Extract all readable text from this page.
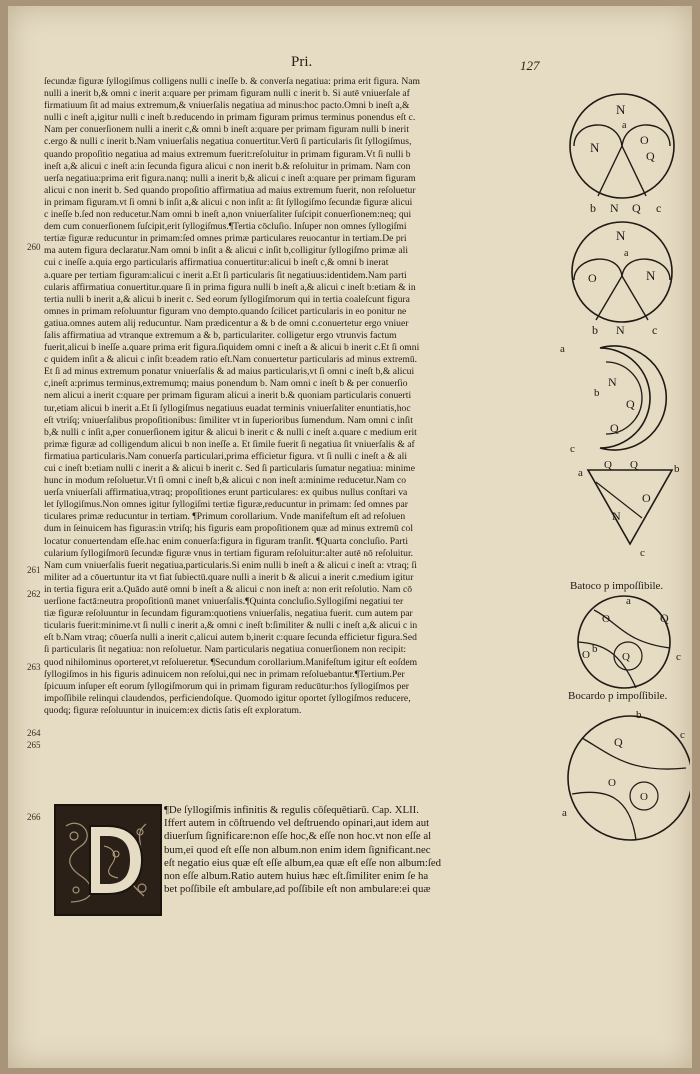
Pri.	127
ſecundæ figuræ ſyllogiſmus colligens nulli c ineſſe b. & converſa negatiua: prima erit figura. Nam
nulli a inerit b,& omni c inerit a:quare per primam figuram nulli c inerit b. Si autē vniuerſale af
firmatiuum ſit ad maius extremum,& vniuerſalis negatiua ad minus:hoc pacto.Omni b ineſt a,&
nulli c ineſt a,igitur nulli c ineſt b.reducendo in primam figuram primus terminus ponendus eſt c.
Nam per conuerſionem nulli a inerit c,& omni b ineſt a:quare per primam figuram nulli b inerit
c.ergo & nulli c inerit b.Nam vniuerſalis negatiua conuertitur.Verū ſi particularis ſit ſyllogiſmus,
quando propoſitio negatiua ad maius extremum fuerit:reſoluitur in primam figuram.Vt ſi nulli b
ineſt a,& alicui c ineſt a:in ſecunda figura alicui c non inerit b.& reſoluitur in primam. Nam con
uerſa negatiua:prima erit figura.nanq; nulli a inerit b,& alicui c ineſt a:quare per primam figuram
alicui c non inerit b. Sed quando propoſitio affirmatiua ad maius extremum fuerit, non reſoluetur
in primam figuram.vt ſi omni b inſit a,& alicui c non inſit a: ſit ſyllogiſmo ſecundæ figuræ alicui
c ineſſe b.ſed non reducetur.Nam omni b ineſt a,non vniuerſaliter ſuſcipit conuerſionem:neq; qui
dem cum conuerſionem ſuſcipit,erit ſyllogiſmus.¶Tertia cōcluſio. Inſuper non omnes ſyllogiſmi
tertiæ figuræ reducuntur in primam:ſed omnes primæ particulares reuocantur in tertiam.De pri
ma autem figura declaratur.Nam omni b inſit a & alicui c inſit b,colligitur ſyllogiſmo primæ ali
cui c ineſſe a.quia ergo particularis affirmatiua conuertitur:alicui b ineſt c,& omni b inerat
a.quare per tertiam figuram:alicui c inerit a.Et ſi particularis ſit negatiuus:identidem.Nam parti
cularis affirmatiua conuertitur.quare ſi in prima figura nulli b ineſt a,& alicui c ineſt b:etiam & in
tertia nulli b inerit a,& alicui b inerit c. Sed eorum ſyllogiſmorum qui in tertia coaleſcunt figura
omnes in primam reſoluuntur figuram vno dempto.quando ſcilicet particularis in eo ponitur ne
gatiua.omnes autem alij reducuntur. Nam prædicentur a & b de omni c.conuertetur ergo vniuer
ſalis affirmatiua ad vtranque extremum a & b, particulariter. colligetur ergo vtrunvis factum
fuerit,alicui b ineſſe a.quare prima erit figura.ſiquidem omni c ineſt a & alicui b inerit c.Et ſi omni
c quidem inſit a & alicui c inſit b:eadem ratio eſt.Nam conuertetur particularis ad minus extremū.
Et ſi ad minus extremum ponatur vniuerſalis & ad maius particularis,vt ſi omni c ineſt b,& alicui
c,ineſt a:primus terminus,extremumq; maius ponendum b. Nam omni c ineſt b & per conuerſio
nem alicui a inerit c:quare per primam figuram alicui a inerit b.& quoniam particularis conuerti
tur,etiam alicui b inerit a.Et ſi ſyllogiſmus negatiuus euadat terminis vniuerſaliter enuntiatis,hoc
eſt vtriſq; vniuerſalibus propoſitionibus: ſimiliter vt in ſuperioribus ſumendum. Nam omni c inſit
b,& nulli c inſit a,per conuerſionem igitur & alicui b inerit c & nulli c ineſt a.quare c medium erit
primæ figuræ ad colligendum alicui b non ineſſe a. Et ſimile fuerit ſi negatiua ſit vniuerſalis & af
firmatiua particularis.Nam conuerſa particulari,prima efficietur figura. vt ſi nulli c ineſt a & ali
cui c ineſt b:etiam nulli c inerit a & alicui b inerit c. Sed ſi particularis ſumatur negatiua: minime
hunc in modum reſoluetur.Vt ſi omni c ineſt b,& alicui c non ineſt a:minime reducetur.Nam co
uerſa vniuerſali affirmatiua,vtraq; propoſitiones erunt particulares: ex quibus nullus conſtari va
let ſyllogiſmus.Non omnes igitur ſyllogiſmi tertiæ figuræ,reducuntur in primam: ſed omnes par
ticulares primæ reducuntur in tertiam. ¶Primum corollarium. Vnde manifeſtum eſt ad reſoluen
dum in ſeinuicem has figuras:in vtriſq; his figuris eam propoſitionem quæ ad minus extremū col
locatur conuertendam eſſe.hac enim conuerſa:figura in figuram tranſit. ¶Quarta concluſio. Parti
cularium ſyllogiſmorū ſecundæ figuræ vnus in tertiam figuram reſoluitur:alter autē nō reſoluitur.
Nam cum vniuerſalis fuerit negatiua,particularis.Si enim nulli b ineſt a & alicui c ineſt a: vtraq; ſi
militer ad a cōuertuntur ita vt fiat ſubiectū.quare nulli a inerit b & alicui a inerit c.medium igitur
in tertia figura erit a.Quādo autē omni b ineſt a & alicui c non ineſt a: non erit reſolutio. Nam cō
uerſione factā:neutra propoſitionū manet vniuerſalis.¶Quinta concluſio.Syllogiſmi negatiui ter
tiæ figuræ reſoluuntur in ſecundam figuram:quotiens vniuerſalis, negatiua fuerit. cum autem par
ticularis fuerit:minime.vt ſi nulli c inerit a,& omni c ineſt b:ſimiliter & nulli c ineſt a,& alicui c in
eſt b.Nam vtraq; cōuerſa nulli a inerit c,alicui autem b,inerit c:quare ſecunda efficietur figura.Sed
ſi particularis ſit negatiua: non reſoluetur. Nam particularis negatiua conuerſionem non recipit:
quod nihilominus oporteret,vt reſolueretur. ¶Secundum corollarium.Manifeſtum igitur eſt eoſdem
ſyllogiſmos in his figuris adinuicem non reſolui,qui nec in primam reſoluebantur.¶Tertium.Per
ſpicuum inſuper eſt eorum ſyllogiſmorum qui in primam figuram reducūtur:hos ſyllogiſmos per
impoſſibile relinqui claudendos, perficiendoſque. Quomodo igitur oportet ſyllogiſmos reducere,
quodq; figuræ reſoluuntur in inuicem:ex dictis ſatis eſt exploratum.
260
261
262
263
264
265
266
¶De ſyllogiſmis infinitis & regulis cōſequētiarū. Cap. XLII.
Iffert autem in cōſtruendo vel deſtruendo opinari,aut idem aut
diuerſum ſignificare:non eſſe hoc,& eſſe non hoc.vt non eſſe al
bum,ei quod eſt eſſe non album.non enim idem ſignificant.nec
eſt negatio eius quæ eſt eſſe album,ea quæ eſt eſſe non album:ſed
non eſſe album.Ratio autem huius hæc eſt.ſimiliter enim ſe ha
bet poſſibile eſt ambulare,ad poſſibile eſt non ambulare:ei quæ
N
a
N	O
Q
b N Q c
N
a
O	N
b N c
a
N
b
Q
Q
c
a
Q Q	b
N
O
c
Batoco p impoſſibile.
a
Q
O
b
O	Q	c
Bocardo p impoſſibile.
b
Q
O
O
c
a
